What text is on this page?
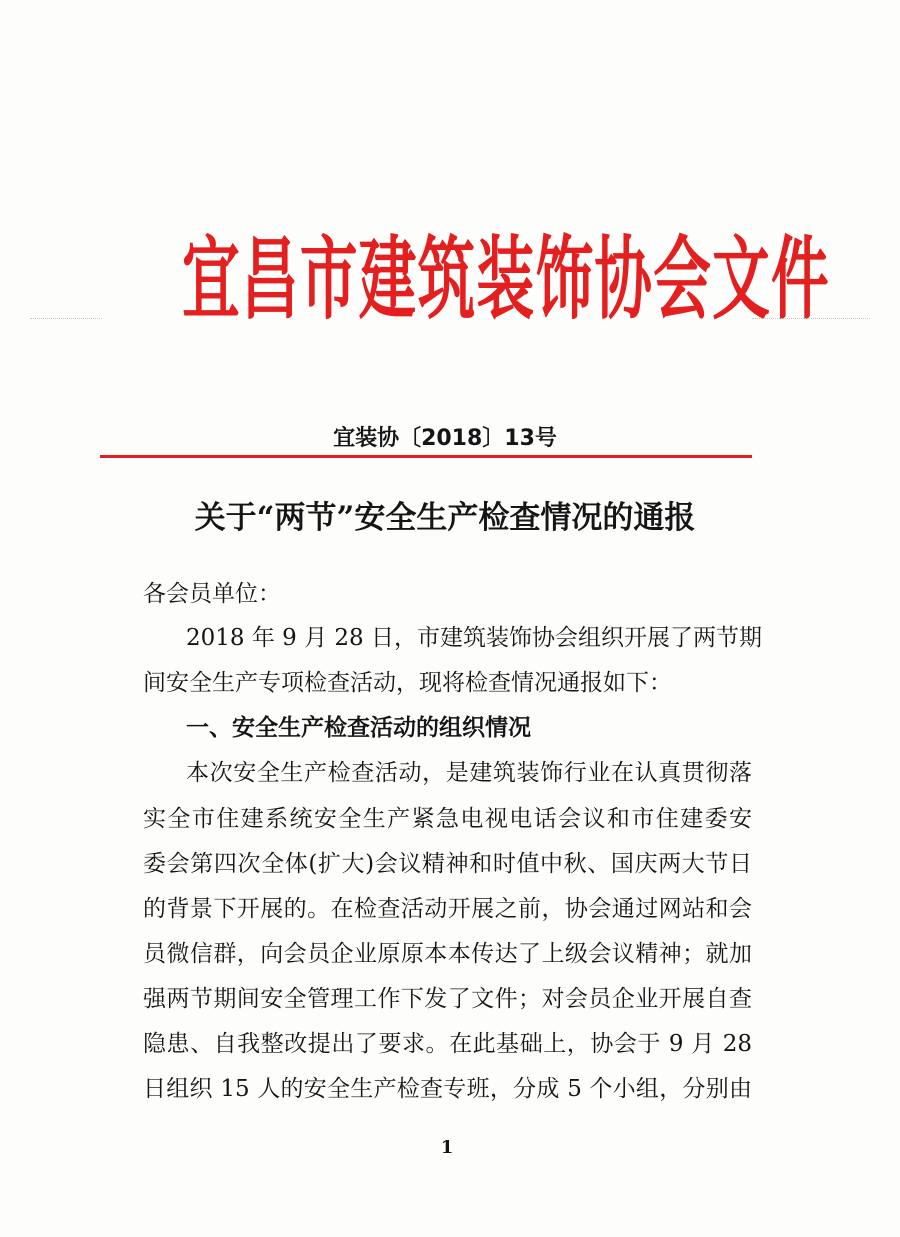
宜昌市建筑装饰协会文件
宜装协〔2018〕13号
关于“两节”安全生产检查情况的通报
各会员单位：
2018 年 9 月 28 日，市建筑装饰协会组织开展了两节期
间安全生产专项检查活动，现将检查情况通报如下：
一、安全生产检查活动的组织情况
本次安全生产检查活动，是建筑装饰行业在认真贯彻落
实全市住建系统安全生产紧急电视电话会议和市住建委安
委会第四次全体(扩大)会议精神和时值中秋、国庆两大节日
的背景下开展的。在检查活动开展之前，协会通过网站和会
员微信群，向会员企业原原本本传达了上级会议精神；就加
强两节期间安全管理工作下发了文件；对会员企业开展自查
隐患、自我整改提出了要求。在此基础上，协会于 9 月 28
日组织 15 人的安全生产检查专班，分成 5 个小组，分别由
1
